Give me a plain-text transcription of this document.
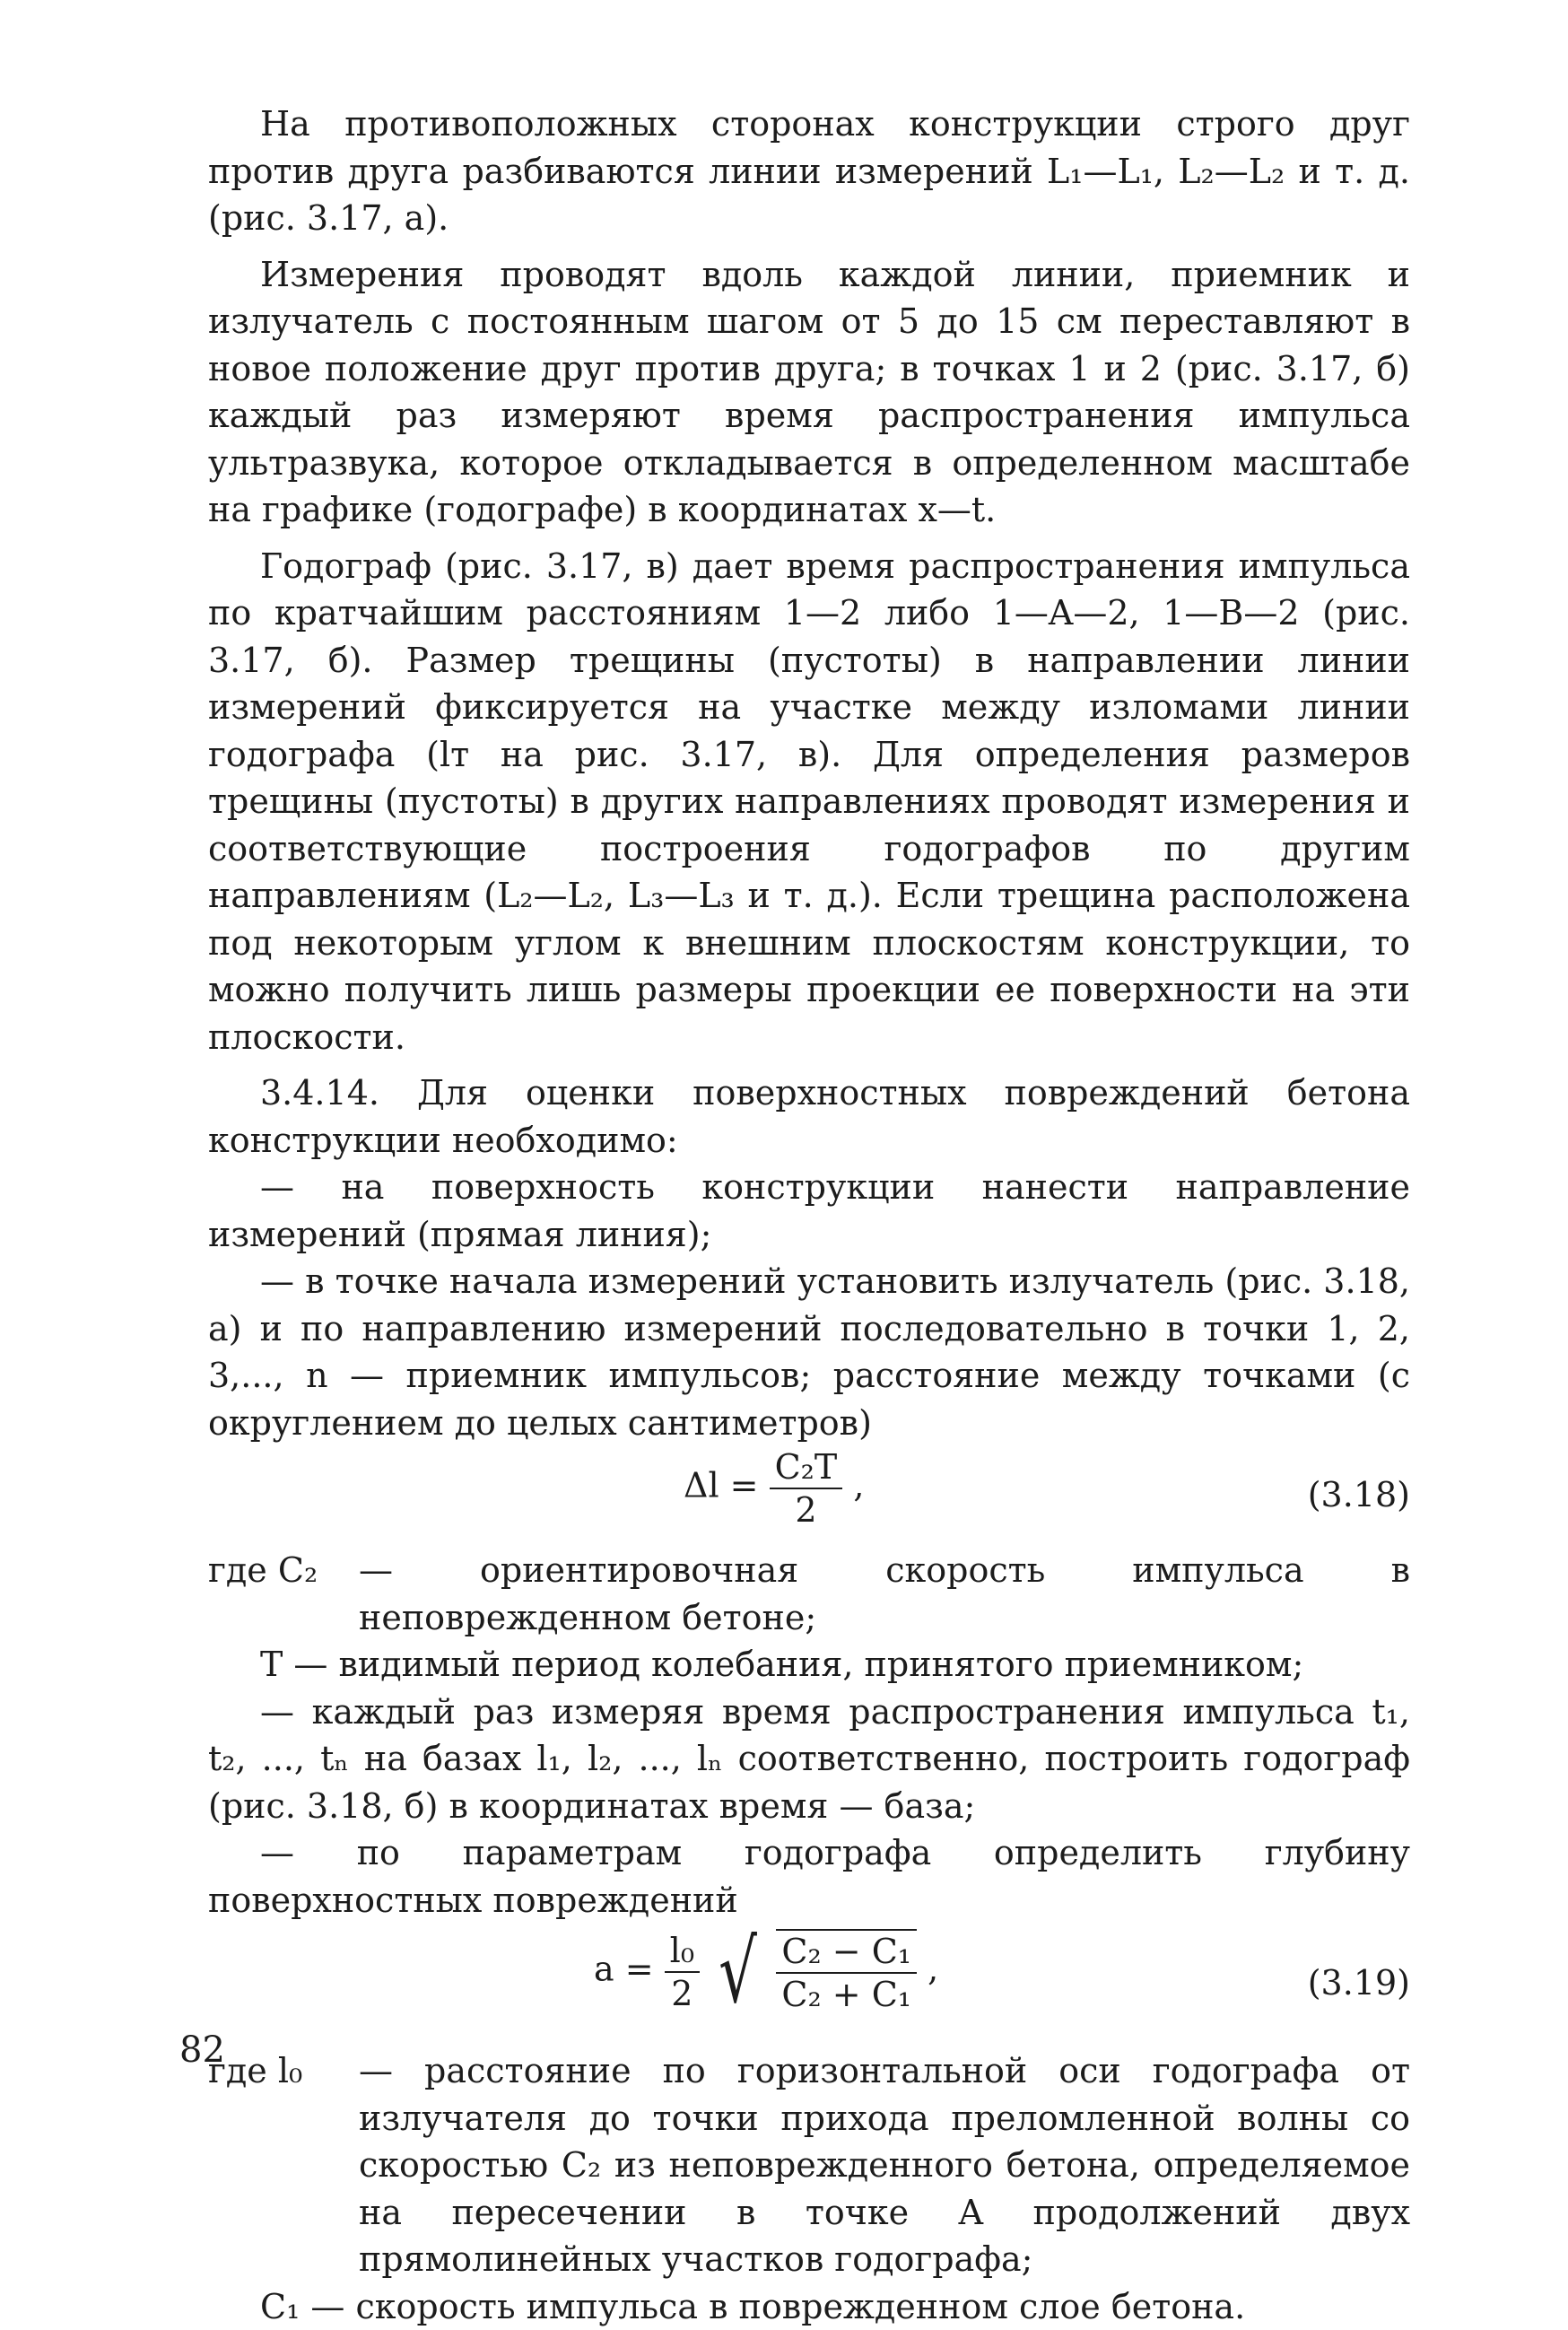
На противоположных сторонах конструкции строго друг против друга разбиваются линии измерений L₁—L₁, L₂—L₂ и т. д. (рис. 3.17, а).

Измерения проводят вдоль каждой линии, приемник и излучатель с постоянным шагом от 5 до 15 см переставляют в новое положение друг против друга; в точках 1 и 2 (рис. 3.17, б) каждый раз измеряют время распространения импульса ультразвука, которое откладывается в определенном масштабе на графике (годографе) в координатах x—t.

Годограф (рис. 3.17, в) дает время распространения импульса по кратчайшим расстояниям 1—2 либо 1—A—2, 1—B—2 (рис. 3.17, б). Размер трещины (пустоты) в направлении линии измерений фиксируется на участке между изломами линии годографа (lт на рис. 3.17, в). Для определения размеров трещины (пустоты) в других направлениях проводят измерения и соответствующие построения годографов по другим направлениям (L₂—L₂, L₃—L₃ и т. д.). Если трещина расположена под некоторым углом к внешним плоскостям конструкции, то можно получить лишь размеры проекции ее поверхности на эти плоскости.

3.4.14. Для оценки поверхностных повреждений бетона конструкции необходимо:

— на поверхность конструкции нанести направление измерений (прямая линия);

— в точке начала измерений установить излучатель (рис. 3.18, а) и по направлению измерений последовательно в точки 1, 2, 3,..., n — приемник импульсов; расстояние между точками (с округлением до целых сантиметров)

$\Delta l = \frac{\text{C₂T}}{2}$ ,	(3.18)
где C₂ — ориентировочная скорость импульса в неповрежденном бетоне;

T — видимый период колебания, принятого приемником;

— каждый раз измеряя время распространения импульса t₁, t₂, ..., tₙ на базах l₁, l₂, ..., lₙ соответственно, построить годограф (рис. 3.18, б) в координатах время — база;

— по параметрам годографа определить глубину поверхностных повреждений

$a = \frac{\text{l₀}}{2}$ √ $\frac{\text{C₂ − C₁}}{\text{C₂ + C₁}}$ ,	(3.19)
где l₀ — расстояние по горизонтальной оси годографа от излучателя до точки прихода преломленной волны со скоростью C₂ из неповрежденного бетона, определяемое на пересечении в точке A продолжений двух прямолинейных участков годографа;

C₁ — скорость импульса в поврежденном слое бетона.

82
